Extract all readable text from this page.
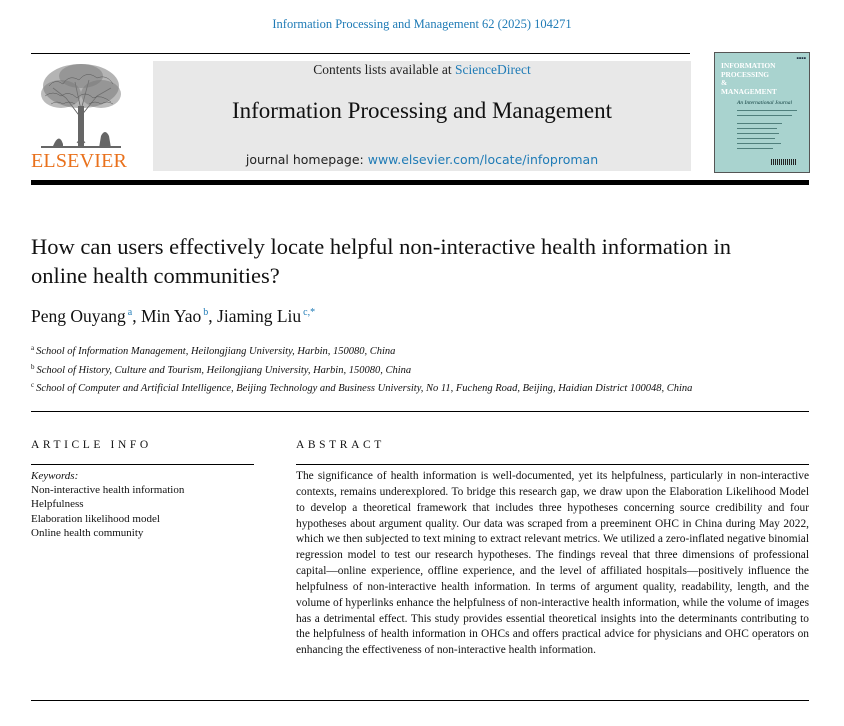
Information Processing and Management 62 (2025) 104271
ELSEVIER
Contents lists available at ScienceDirect
Information Processing and Management
journal homepage: www.elsevier.com/locate/infoproman
▪▪▪▪
INFORMATION
PROCESSING
&
MANAGEMENT
An International Journal
How can users effectively locate helpful non-interactive health information in online health communities?
Peng Ouyang $^a$, Min Yao $^b$, Jiaming Liu $^{c,*}$
$^a$ School of Information Management, Heilongjiang University, Harbin, 150080, China
$^b$ School of History, Culture and Tourism, Heilongjiang University, Harbin, 150080, China
$^c$ School of Computer and Artificial Intelligence, Beijing Technology and Business University, No 11, Fucheng Road, Beijing, Haidian District 100048, China
ARTICLE INFO	ABSTRACT
Keywords:
Non-interactive health information
Helpfulness
Elaboration likelihood model
Online health community
The significance of health information is well-documented, yet its helpfulness, particularly in non-interactive contexts, remains underexplored. To bridge this research gap, we draw upon the Elaboration Likelihood Model to develop a theoretical framework that includes three hypotheses concerning source credibility and four hypotheses about argument quality. Our data was scraped from a preeminent OHC in China during May 2022, which we then subjected to text mining to extract relevant metrics. We utilized a zero-inflated negative binomial regression model to test our research hypotheses. The findings reveal that three dimensions of professional capital—online experience, offline experience, and the level of affiliated hospitals—positively influence the helpfulness of non-interactive health information. In terms of argument quality, readability, length, and the volume of hyperlinks enhance the helpfulness of non-interactive health information, while the volume of images has a detrimental effect. This study provides essential theoretical insights into the determinants contributing to the helpfulness of health information in OHCs and offers practical advice for physicians and OHC operators on enhancing the effectiveness of non-interactive health information.
